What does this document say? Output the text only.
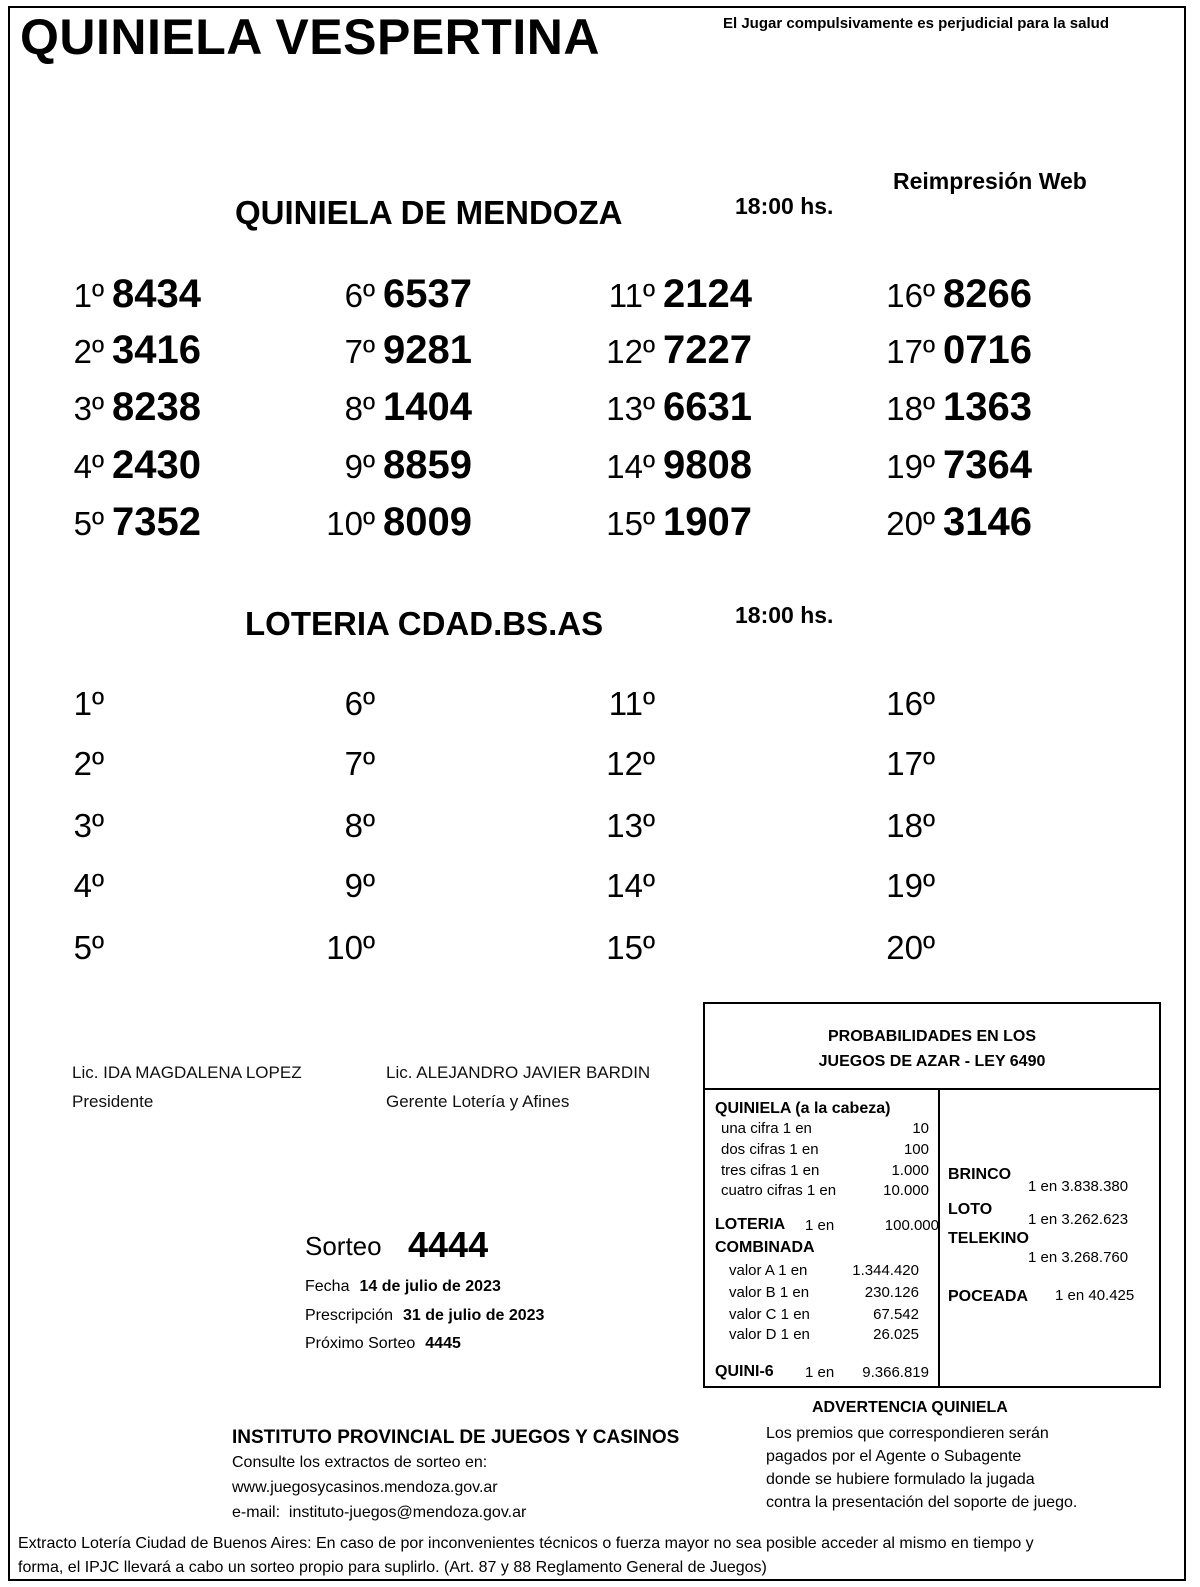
QUINIELA VESPERTINA	El Jugar compulsivamente es perjudicial para la salud
Reimpresión Web
QUINIELA DE MENDOZA	18:00 hs.
1º 8434
2º 3416
3º 8238
4º 2430
5º 7352
6º 6537
7º 9281
8º 1404
9º 8859
10º 8009
11º 2124
12º 7227
13º 6631
14º 9808
15º 1907
16º 8266
17º 0716
18º 1363
19º 7364
20º 3146
LOTERIA CDAD.BS.AS	18:00 hs.
1º
2º
3º
4º
5º
6º
7º
8º
9º
10º
11º
12º
13º
14º
15º
16º
17º
18º
19º
20º
Lic. IDA MAGDALENA LOPEZ
Presidente
Lic. ALEJANDRO JAVIER BARDIN
Gerente Lotería y Afines
PROBABILIDADES EN LOS
JUEGOS DE AZAR - LEY 6490
QUINIELA (a la cabeza)
LOTERIA 1 en	100.000
COMBINADA
QUINI-6 1 en	9.366.819
BRINCO
1 en 3.838.380
LOTO
1 en 3.262.623
TELEKINO
1 en 3.268.760
POCEADA 1 en 40.425
una cifra 1 en	10
dos cifras 1 en	100
tres cifras 1 en	1.000
cuatro cifras 1 en	10.000
valor A 1 en	1.344.420
valor B 1 en	230.126
valor C 1 en	67.542
valor D 1 en	26.025
Sorteo 4444
Fecha 14 de julio de 2023
Prescripción 31 de julio de 2023
Próximo Sorteo 4445
INSTITUTO PROVINCIAL DE JUEGOS Y CASINOS
Consulte los extractos de sorteo en:
www.juegosycasinos.mendoza.gov.ar
e-mail: instituto-juegos@mendoza.gov.ar
ADVERTENCIA QUINIELA
Los premios que correspondieren serán
pagados por el Agente o Subagente
donde se hubiere formulado la jugada
contra la presentación del soporte de juego.
Extracto Lotería Ciudad de Buenos Aires: En caso de por inconvenientes técnicos o fuerza mayor no sea posible acceder al mismo en tiempo y
forma, el IPJC llevará a cabo un sorteo propio para suplirlo. (Art. 87 y 88 Reglamento General de Juegos)
